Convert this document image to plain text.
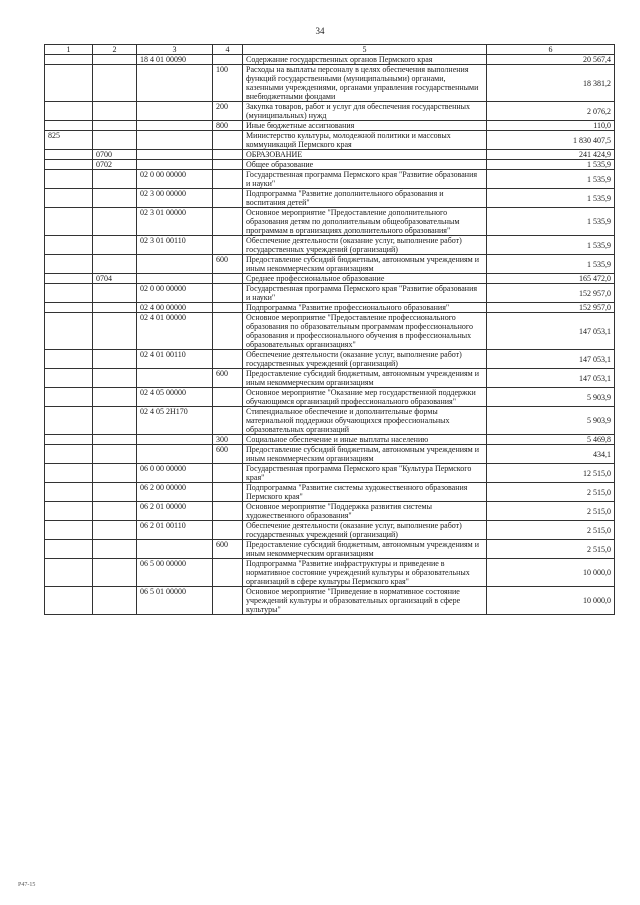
34
1	2	3	4	5	6
		18 4 01 00090		Содержание государственных органов Пермского края	20 567,4
			100	Расходы на выплаты персоналу в целях обеспечения выполнения функций государственными (муниципальными) органами, казенными учреждениями, органами управления государственными внебюджетными фондами	18 381,2
			200	Закупка товаров, работ и услуг для обеспечения государственных (муниципальных) нужд	2 076,2
			800	Иные бюджетные ассигнования	110,0
825				Министерство культуры, молодежной политики и массовых коммуникаций Пермского края	1 830 407,5
	0700			ОБРАЗОВАНИЕ	241 424,9
	0702			Общее образование	1 535,9
		02 0 00 00000		Государственная программа Пермского края "Развитие образования и науки"	1 535,9
		02 3 00 00000		Подпрограмма "Развитие дополнительного образования и воспитания детей"	1 535,9
		02 3 01 00000		Основное мероприятие "Предоставление дополнительного образования детям по дополнительным общеобразовательным программам в организациях дополнительного образования"	1 535,9
		02 3 01 00110		Обеспечение деятельности (оказание услуг, выполнение работ) государственных учреждений (организаций)	1 535,9
			600	Предоставление субсидий бюджетным, автономным учреждениям и иным некоммерческим организациям	1 535,9
	0704			Среднее профессиональное образование	165 472,0
		02 0 00 00000		Государственная программа Пермского края "Развитие образования и науки"	152 957,0
		02 4 00 00000		Подпрограмма "Развитие профессионального образования"	152 957,0
		02 4 01 00000		Основное мероприятие "Предоставление профессионального образования по образовательным программам профессионального образования и профессионального обучения в профессиональных образовательных организациях"	147 053,1
		02 4 01 00110		Обеспечение деятельности (оказание услуг, выполнение работ) государственных учреждений (организаций)	147 053,1
			600	Предоставление субсидий бюджетным, автономным учреждениям и иным некоммерческим организациям	147 053,1
		02 4 05 00000		Основное мероприятие "Оказание мер государственной поддержки обучающимся организаций профессионального образования"	5 903,9
		02 4 05 2Н170		Стипендиальное обеспечение и дополнительные формы материальной поддержки обучающихся профессиональных образовательных организаций	5 903,9
			300	Социальное обеспечение и иные выплаты населению	5 469,8
			600	Предоставление субсидий бюджетным, автономным учреждениям и иным некоммерческим организациям	434,1
		06 0 00 00000		Государственная программа Пермского края "Культура Пермского края"	12 515,0
		06 2 00 00000		Подпрограмма "Развитие системы художественного образования Пермского края"	2 515,0
		06 2 01 00000		Основное мероприятие "Поддержка развития системы художественного образования"	2 515,0
		06 2 01 00110		Обеспечение деятельности (оказание услуг, выполнение работ) государственных учреждений (организаций)	2 515,0
			600	Предоставление субсидий бюджетным, автономным учреждениям и иным некоммерческим организациям	2 515,0
		06 5 00 00000		Подпрограмма "Развитие инфраструктуры и приведение в нормативное состояние учреждений культуры и образовательных организаций в сфере культуры Пермского края"	10 000,0
		06 5 01 00000		Основное мероприятие "Приведение в нормативное состояние учреждений культуры и образовательных организаций в сфере культуры"	10 000,0
Р47-15
